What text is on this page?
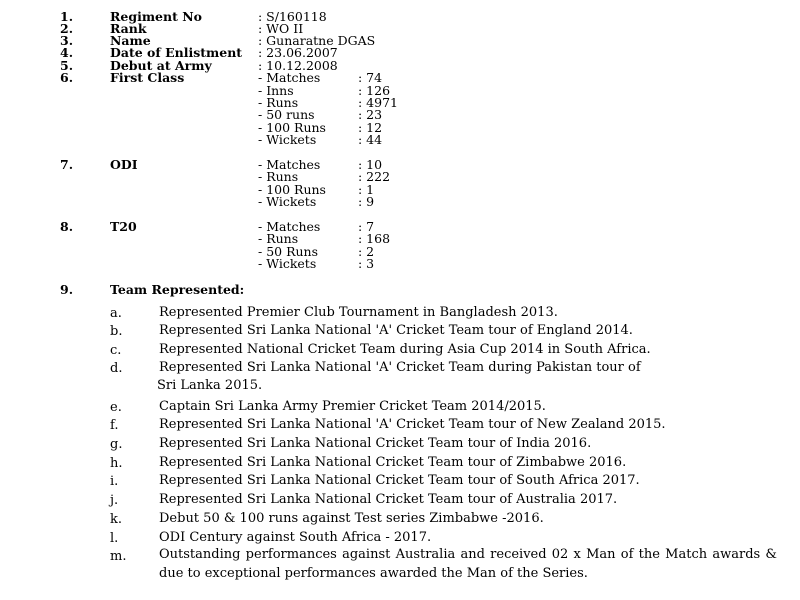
1.	Regiment No	: S/160118
2.	Rank	: WO II
3.	Name	: Gunaratne DGAS
4.	Date of Enlistment : 23.06.2007
5.	Debut at Army	: 10.12.2008
6.	First Class	- Matches	: 74
- Inns	: 126
- Runs	: 4971
- 50 runs	: 23
- 100 Runs	: 12
- Wickets	: 44
7.	ODI	- Matches	: 10
- Runs	: 222
- 100 Runs	: 1
- Wickets	: 9
8.	T20	- Matches	: 7
- Runs	: 168
- 50 Runs	: 2
- Wickets	: 3
9.	Team Represented:
a.	Represented Premier Club Tournament in Bangladesh 2013.
b.	Represented Sri Lanka National 'A' Cricket Team tour of England 2014.
c.	Represented National Cricket Team during Asia Cup 2014 in South Africa.
d.	Represented Sri Lanka National 'A' Cricket Team during Pakistan tour of
Sri Lanka 2015.
e.	Captain Sri Lanka Army Premier Cricket Team 2014/2015.
f.	Represented Sri Lanka National 'A' Cricket Team tour of New Zealand 2015.
g.	Represented Sri Lanka National Cricket Team tour of India 2016.
h.	Represented Sri Lanka National Cricket Team tour of Zimbabwe 2016.
i.	Represented Sri Lanka National Cricket Team tour of South Africa 2017.
j.	Represented Sri Lanka National Cricket Team tour of Australia 2017.
k.	Debut 50 & 100 runs against Test series Zimbabwe -2016.
l.	ODI Century against South Africa - 2017.
m.	Outstanding performances against Australia and received 02 x Man of the Match awards & due to exceptional performances awarded the Man of the Series.
